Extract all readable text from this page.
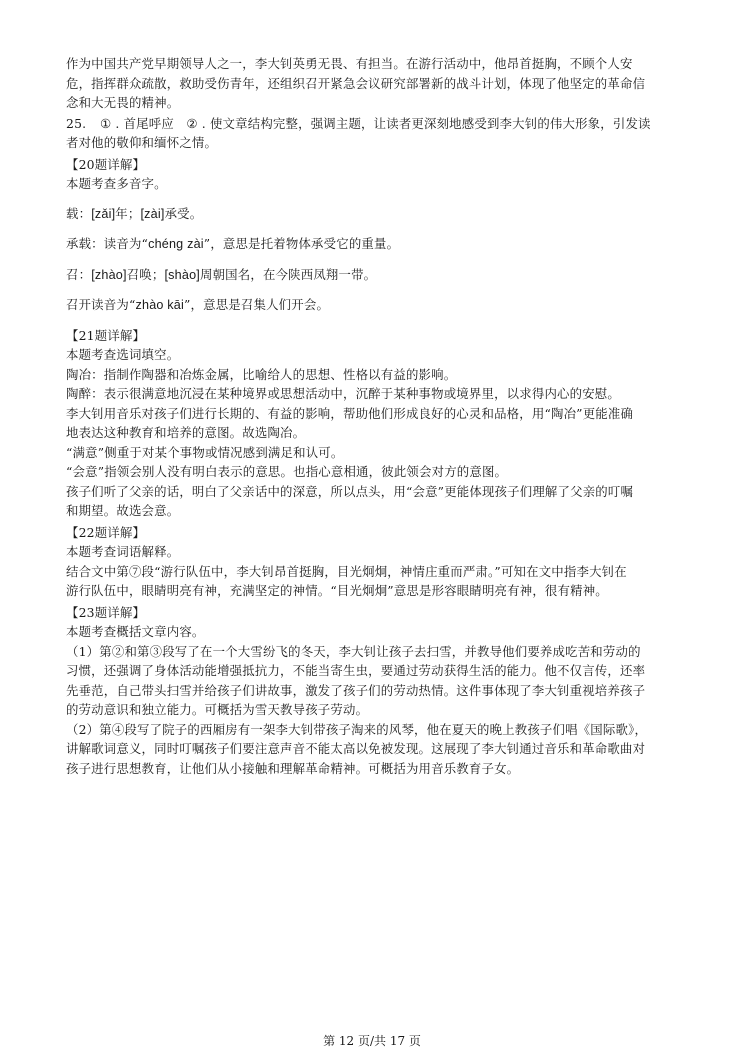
作为中国共产党早期领导人之一，李大钊英勇无畏、有担当。在游行活动中，他昂首挺胸，不顾个人安

危，指挥群众疏散，救助受伤青年，还组织召开紧急会议研究部署新的战斗计划，体现了他坚定的革命信

念和大无畏的精神。

25. ① . 首尾呼应 ② . 使文章结构完整，强调主题，让读者更深刻地感受到李大钊的伟大形象，引发读

者对他的敬仰和缅怀之情。

【20题详解】

本题考查多音字。

载：[zǎi]年；[zài]承受。

承载：读音为“chéng zài”，意思是托着物体承受它的重量。

召：[zhào]召唤；[shào]周朝国名，在今陕西凤翔一带。

召开读音为“zhào kāi”，意思是召集人们开会。

【21题详解】

本题考查选词填空。

陶冶：指制作陶器和冶炼金属，比喻给人的思想、性格以有益的影响。

陶醉：表示很满意地沉浸在某种境界或思想活动中，沉醉于某种事物或境界里，以求得内心的安慰。

李大钊用音乐对孩子们进行长期的、有益的影响，帮助他们形成良好的心灵和品格，用“陶冶”更能准确

地表达这种教育和培养的意图。故选陶冶。

“满意”侧重于对某个事物或情况感到满足和认可。

“会意”指领会别人没有明白表示的意思。也指心意相通，彼此领会对方的意图。

孩子们听了父亲的话，明白了父亲话中的深意，所以点头，用“会意”更能体现孩子们理解了父亲的叮嘱

和期望。故选会意。

【22题详解】

本题考查词语解释。

结合文中第⑦段“游行队伍中，李大钊昂首挺胸，目光炯炯，神情庄重而严肃。”可知在文中指李大钊在

游行队伍中，眼睛明亮有神，充满坚定的神情。“目光炯炯”意思是形容眼睛明亮有神，很有精神。

【23题详解】

本题考查概括文章内容。

（1）第②和第③段写了在一个大雪纷飞的冬天，李大钊让孩子去扫雪，并教导他们要养成吃苦和劳动的

习惯，还强调了身体活动能增强抵抗力，不能当寄生虫，要通过劳动获得生活的能力。他不仅言传，还率

先垂范，自己带头扫雪并给孩子们讲故事，激发了孩子们的劳动热情。这件事体现了李大钊重视培养孩子

的劳动意识和独立能力。可概括为雪天教导孩子劳动。

（2）第④段写了院子的西厢房有一架李大钊带孩子淘来的风琴，他在夏天的晚上教孩子们唱《国际歌》，

讲解歌词意义，同时叮嘱孩子们要注意声音不能太高以免被发现。这展现了李大钊通过音乐和革命歌曲对

孩子进行思想教育，让他们从小接触和理解革命精神。可概括为用音乐教育子女。

第 12 页/共 17 页
